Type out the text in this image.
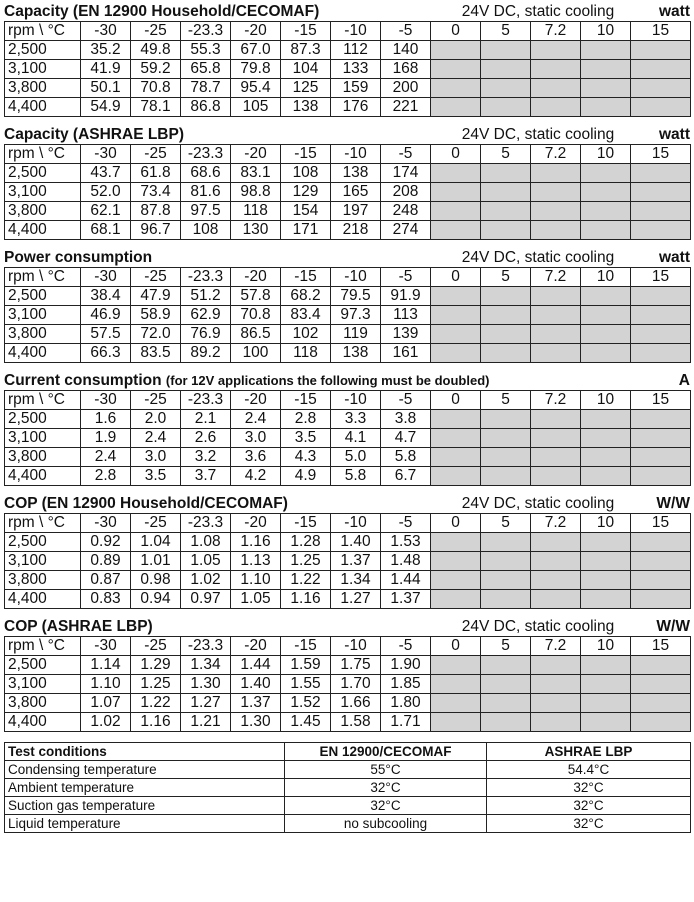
Capacity (EN 12900 Household/CECOMAF)	24V DC, static cooling	watt
rpm \ °C	-30	-25	-23.3	-20	-15	-10	-5	0	5	7.2	10	15
2,500	35.2	49.8	55.3	67.0	87.3	112	140					
3,100	41.9	59.2	65.8	79.8	104	133	168					
3,800	50.1	70.8	78.7	95.4	125	159	200					
4,400	54.9	78.1	86.8	105	138	176	221					
Capacity (ASHRAE LBP)	24V DC, static cooling	watt
rpm \ °C	-30	-25	-23.3	-20	-15	-10	-5	0	5	7.2	10	15
2,500	43.7	61.8	68.6	83.1	108	138	174					
3,100	52.0	73.4	81.6	98.8	129	165	208					
3,800	62.1	87.8	97.5	118	154	197	248					
4,400	68.1	96.7	108	130	171	218	274					
Power consumption	24V DC, static cooling	watt
rpm \ °C	-30	-25	-23.3	-20	-15	-10	-5	0	5	7.2	10	15
2,500	38.4	47.9	51.2	57.8	68.2	79.5	91.9					
3,100	46.9	58.9	62.9	70.8	83.4	97.3	113					
3,800	57.5	72.0	76.9	86.5	102	119	139					
4,400	66.3	83.5	89.2	100	118	138	161					
Current consumption (for 12V applications the following must be doubled)	A
rpm \ °C	-30	-25	-23.3	-20	-15	-10	-5	0	5	7.2	10	15
2,500	1.6	2.0	2.1	2.4	2.8	3.3	3.8					
3,100	1.9	2.4	2.6	3.0	3.5	4.1	4.7					
3,800	2.4	3.0	3.2	3.6	4.3	5.0	5.8					
4,400	2.8	3.5	3.7	4.2	4.9	5.8	6.7					
COP (EN 12900 Household/CECOMAF)	24V DC, static cooling	W/W
rpm \ °C	-30	-25	-23.3	-20	-15	-10	-5	0	5	7.2	10	15
2,500	0.92	1.04	1.08	1.16	1.28	1.40	1.53					
3,100	0.89	1.01	1.05	1.13	1.25	1.37	1.48					
3,800	0.87	0.98	1.02	1.10	1.22	1.34	1.44					
4,400	0.83	0.94	0.97	1.05	1.16	1.27	1.37					
COP (ASHRAE LBP)	24V DC, static cooling	W/W
rpm \ °C	-30	-25	-23.3	-20	-15	-10	-5	0	5	7.2	10	15
2,500	1.14	1.29	1.34	1.44	1.59	1.75	1.90					
3,100	1.10	1.25	1.30	1.40	1.55	1.70	1.85					
3,800	1.07	1.22	1.27	1.37	1.52	1.66	1.80					
4,400	1.02	1.16	1.21	1.30	1.45	1.58	1.71					
Test conditions	EN 12900/CECOMAF	ASHRAE LBP
Condensing temperature	55°C	54.4°C
Ambient temperature	32°C	32°C
Suction gas temperature	32°C	32°C
Liquid temperature	no subcooling	32°C
